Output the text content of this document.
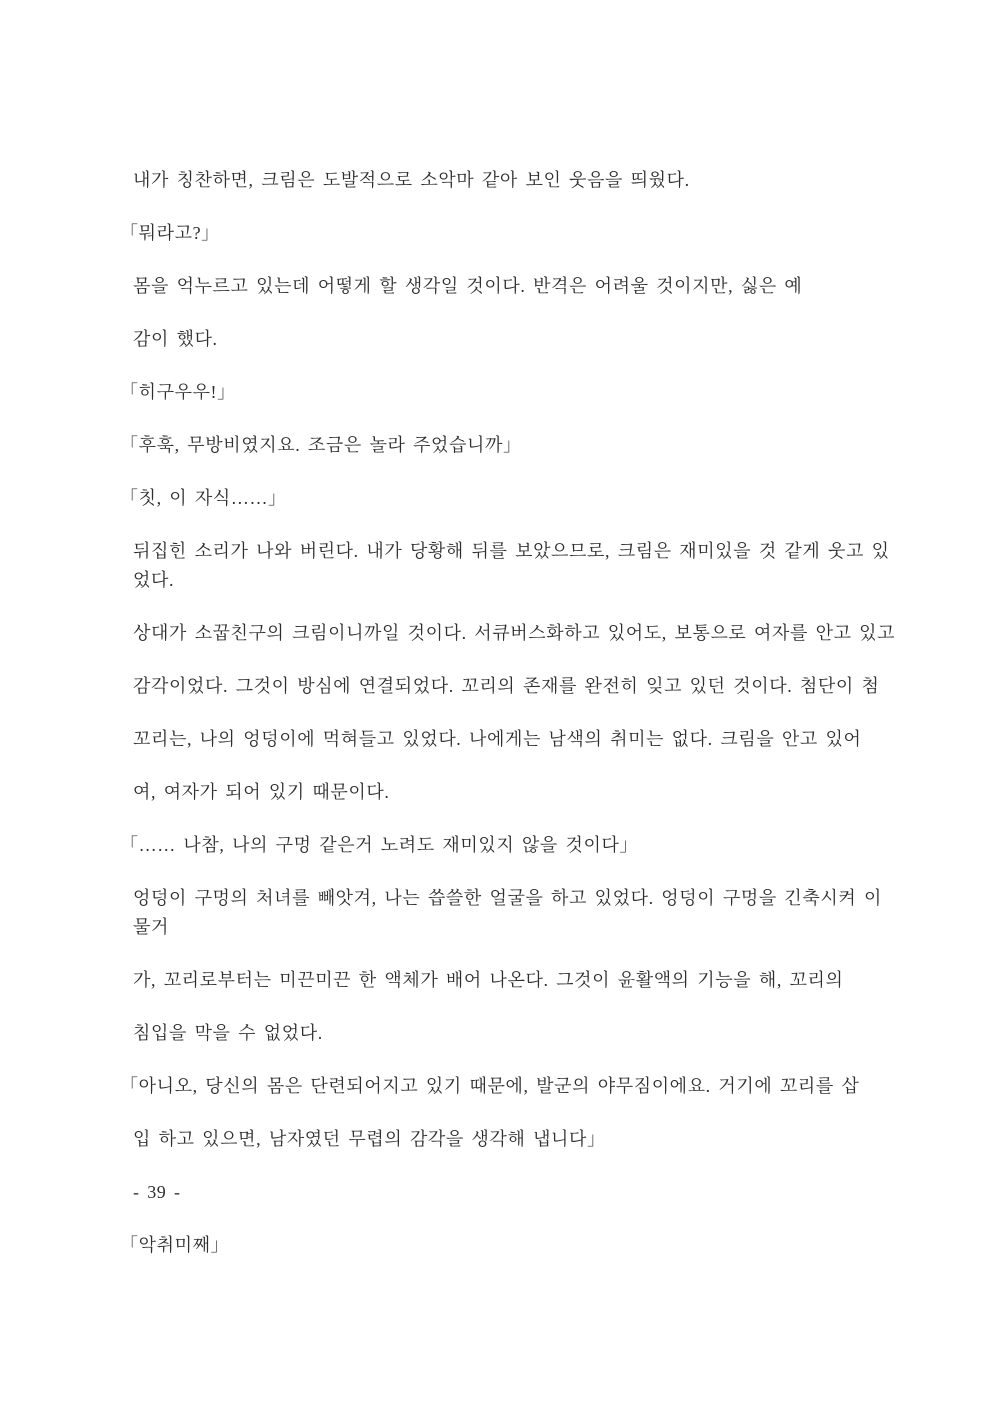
내가 칭찬하면, 크림은 도발적으로 소악마 같아 보인 웃음을 띄웠다.
「뭐라고?」
몸을 억누르고 있는데 어떻게 할 생각일 것이다. 반격은 어려울 것이지만, 싫은 예
감이 했다.
「히구우우!」
「후훅, 무방비였지요. 조금은 놀라 주었습니까」
「칫, 이 자식……」
뒤집힌 소리가 나와 버린다. 내가 당황해 뒤를 보았으므로, 크림은 재미있을 것 같게 웃고 있
었다.
상대가 소꿉친구의 크림이니까일 것이다. 서큐버스화하고 있어도, 보통으로 여자를 안고 있고
감각이었다. 그것이 방심에 연결되었다. 꼬리의 존재를 완전히 잊고 있던 것이다. 첨단이 첨
꼬리는, 나의 엉덩이에 먹혀들고 있었다. 나에게는 남색의 취미는 없다. 크림을 안고 있어
여, 여자가 되어 있기 때문이다.
「…… 나참, 나의 구멍 같은거 노려도 재미있지 않을 것이다」
엉덩이 구멍의 처녀를 빼앗겨, 나는 씁쓸한 얼굴을 하고 있었다. 엉덩이 구멍을 긴축시켜 이
물거
가, 꼬리로부터는 미끈미끈 한 액체가 배어 나온다. 그것이 윤활액의 기능을 해, 꼬리의
침입을 막을 수 없었다.
「아니오, 당신의 몸은 단련되어지고 있기 때문에, 발군의 야무짐이에요. 거기에 꼬리를 삽
입 하고 있으면, 남자였던 무렵의 감각을 생각해 냅니다」
- 39 -
「악취미째」
